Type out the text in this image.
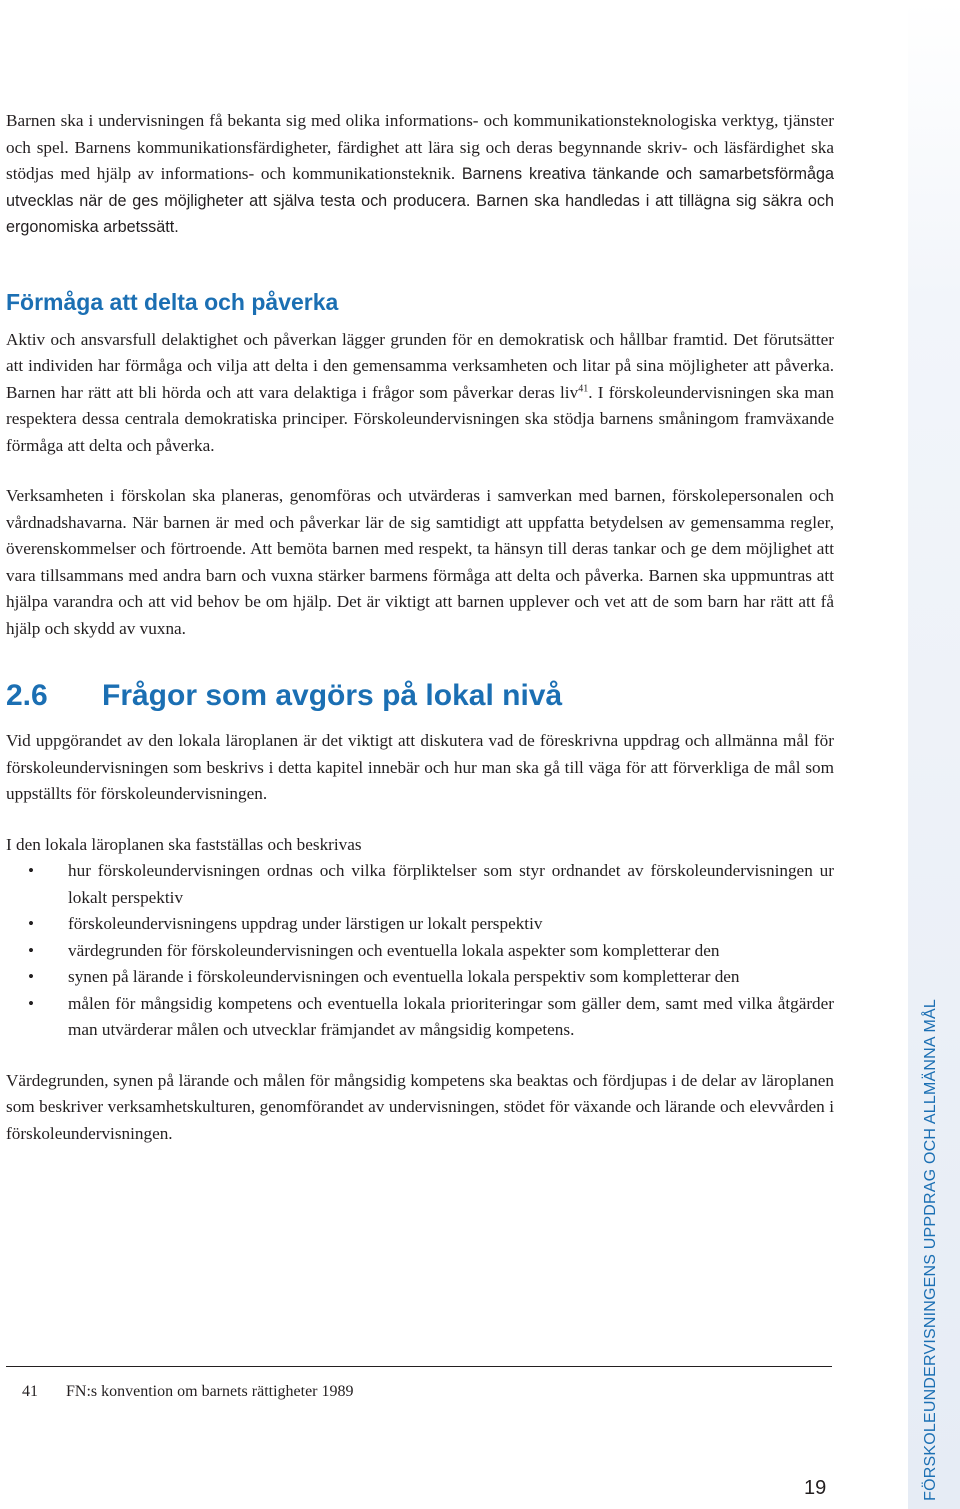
FÖRSKOLEUNDERVISNINGENS UPPDRAG OCH ALLMÄNNA MÅL

Barnen ska i undervisningen få bekanta sig med olika informations- och kommunikationsteknologiska verktyg, tjänster och spel. Barnens kommunikationsfärdigheter, färdighet att lära sig och deras begynnande skriv- och läsfärdighet ska stödjas med hjälp av informations- och kommunikationsteknik. Barnens kreativa tänkande och samarbetsförmåga utvecklas när de ges möjligheter att själva testa och producera. Barnen ska handledas i att tillägna sig säkra och ergonomiska arbetssätt.

Förmåga att delta och påverka

Aktiv och ansvarsfull delaktighet och påverkan lägger grunden för en demokratisk och hållbar framtid. Det förutsätter att individen har förmåga och vilja att delta i den gemensamma verksamheten och litar på sina möjligheter att påverka. Barnen har rätt att bli hörda och att vara delaktiga i frågor som påverkar deras liv$^{41}$. I förskoleundervisningen ska man respektera dessa centrala demokratiska principer. Förskoleundervisningen ska stödja barnens småningom framväxande förmåga att delta och påverka.

Verksamheten i förskolan ska planeras, genomföras och utvärderas i samverkan med barnen, förskolepersonalen och vårdnadshavarna. När barnen är med och påverkar lär de sig samtidigt att uppfatta betydelsen av gemensamma regler, överenskommelser och förtroende. Att bemöta barnen med respekt, ta hänsyn till deras tankar och ge dem möjlighet att vara tillsammans med andra barn och vuxna stärker barmens förmåga att delta och påverka. Barnen ska uppmuntras att hjälpa varandra och att vid behov be om hjälp. Det är viktigt att barnen upplever och vet att de som barn har rätt att få hjälp och skydd av vuxna.

2.6 Frågor som avgörs på lokal nivå

Vid uppgörandet av den lokala läroplanen är det viktigt att diskutera vad de föreskrivna uppdrag och allmänna mål för förskoleundervisningen som beskrivs i detta kapitel innebär och hur man ska gå till väga för att förverkliga de mål som uppställts för förskoleundervisningen.

I den lokala läroplanen ska fastställas och beskrivas

• hur förskoleundervisningen ordnas och vilka förpliktelser som styr ordnandet av förskoleundervisningen ur lokalt perspektiv
• förskoleundervisningens uppdrag under lärstigen ur lokalt perspektiv
• värdegrunden för förskoleundervisningen och eventuella lokala aspekter som kompletterar den
• synen på lärande i förskoleundervisningen och eventuella lokala perspektiv som kompletterar den
• målen för mångsidig kompetens och eventuella lokala prioriteringar som gäller dem, samt med vilka åtgärder man utvärderar målen och utvecklar främjandet av mångsidig kompetens.

Värdegrunden, synen på lärande och målen för mångsidig kompetens ska beaktas och fördjupas i de delar av läroplanen som beskriver verksamhetskulturen, genomförandet av undervisningen, stödet för växande och lärande och elevvården i förskoleundervisningen.

41 FN:s konvention om barnets rättigheter 1989
19
